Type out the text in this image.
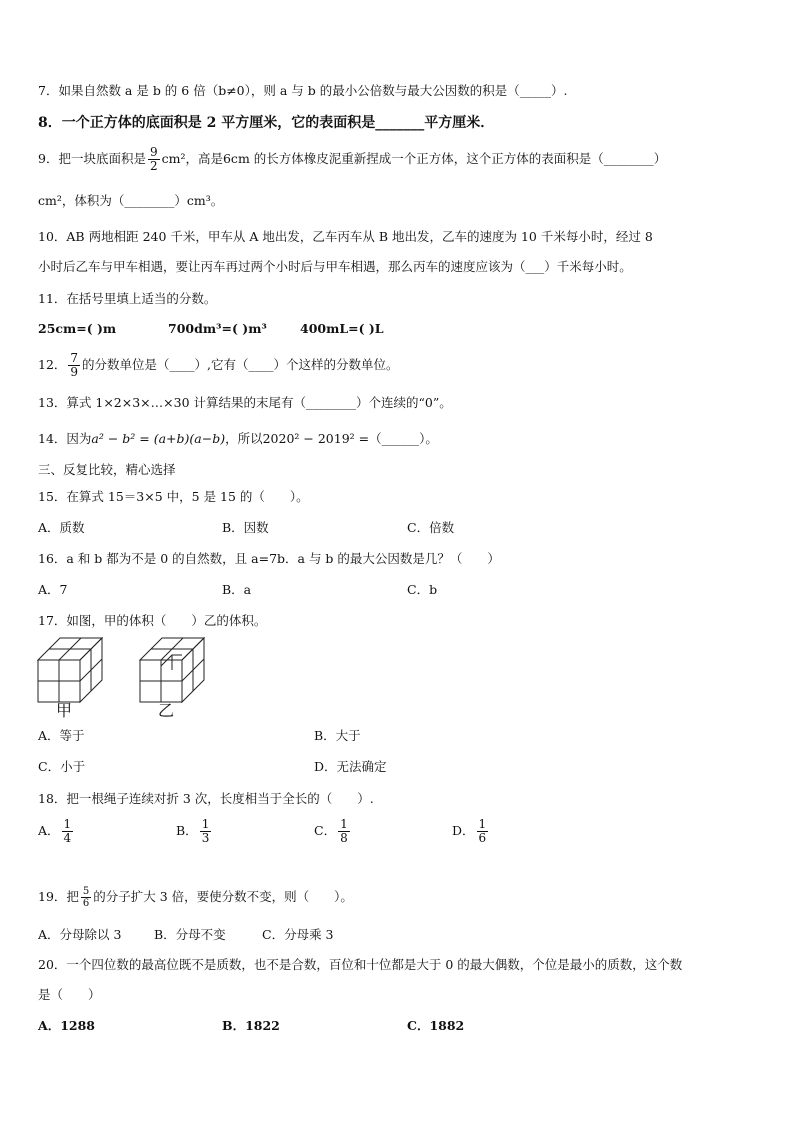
7．如果自然数 a 是 b 的 6 倍（b≠0），则 a 与 b 的最小公倍数与最大公因数的积是（_____）.
8．一个正方体的底面积是 2 平方厘米，它的表面积是_______平方厘米．
9．把一块底面积是 $\frac{9}{2} cm^2$，高是6cm 的长方体橡皮泥重新捏成一个正方体，这个正方体的表面积是（________）
cm²，体积为（________）cm³。
10．AB 两地相距 240 千米，甲车从 A 地出发，乙车丙车从 B 地出发，乙车的速度为 10 千米每小时，经过 8
小时后乙车与甲车相遇，要让丙车再过两个小时后与甲车相遇，那么丙车的速度应该为（___）千米每小时。
11．在括号里填上适当的分数。
25cm=( )m	700dm³=( )m³	400mL=( )L
12． $\frac{7}{9}$ 的分数单位是（____）,它有（____）个这样的分数单位。
13．算式 1×2×3×…×30 计算结果的末尾有（________）个连续的“0”。
14．因为a² − b² = (a+b)(a−b)，所以2020² − 2019² =（______）。
三、反复比较，精心选择
15．在算式 15＝3×5 中，5 是 15 的（　　）。
A．质数	B．因数	C．倍数
16．a 和 b 都为不是 0 的自然数，且 a=7b．a 与 b 的最大公因数是几？（　　）
A．7	B．a	C．b
17．如图，甲的体积（　　）乙的体积。
甲	乙
A．等于	B．大于
C．小于	D．无法确定
18．把一根绳子连续对折 3 次，长度相当于全长的（　　）.
A． $\frac{1}{4}$	B． $\frac{1}{3}$	C． $\frac{1}{8}$	D． $\frac{1}{6}$
19．把 $\frac{5}{6}$ 的分子扩大 3 倍，要使分数不变，则（　　）。
A．分母除以 3	B．分母不变	C．分母乘 3
20．一个四位数的最高位既不是质数，也不是合数，百位和十位都是大于 0 的最大偶数，个位是最小的质数，这个数
是（　　）
A．1288	B．1822	C．1882
